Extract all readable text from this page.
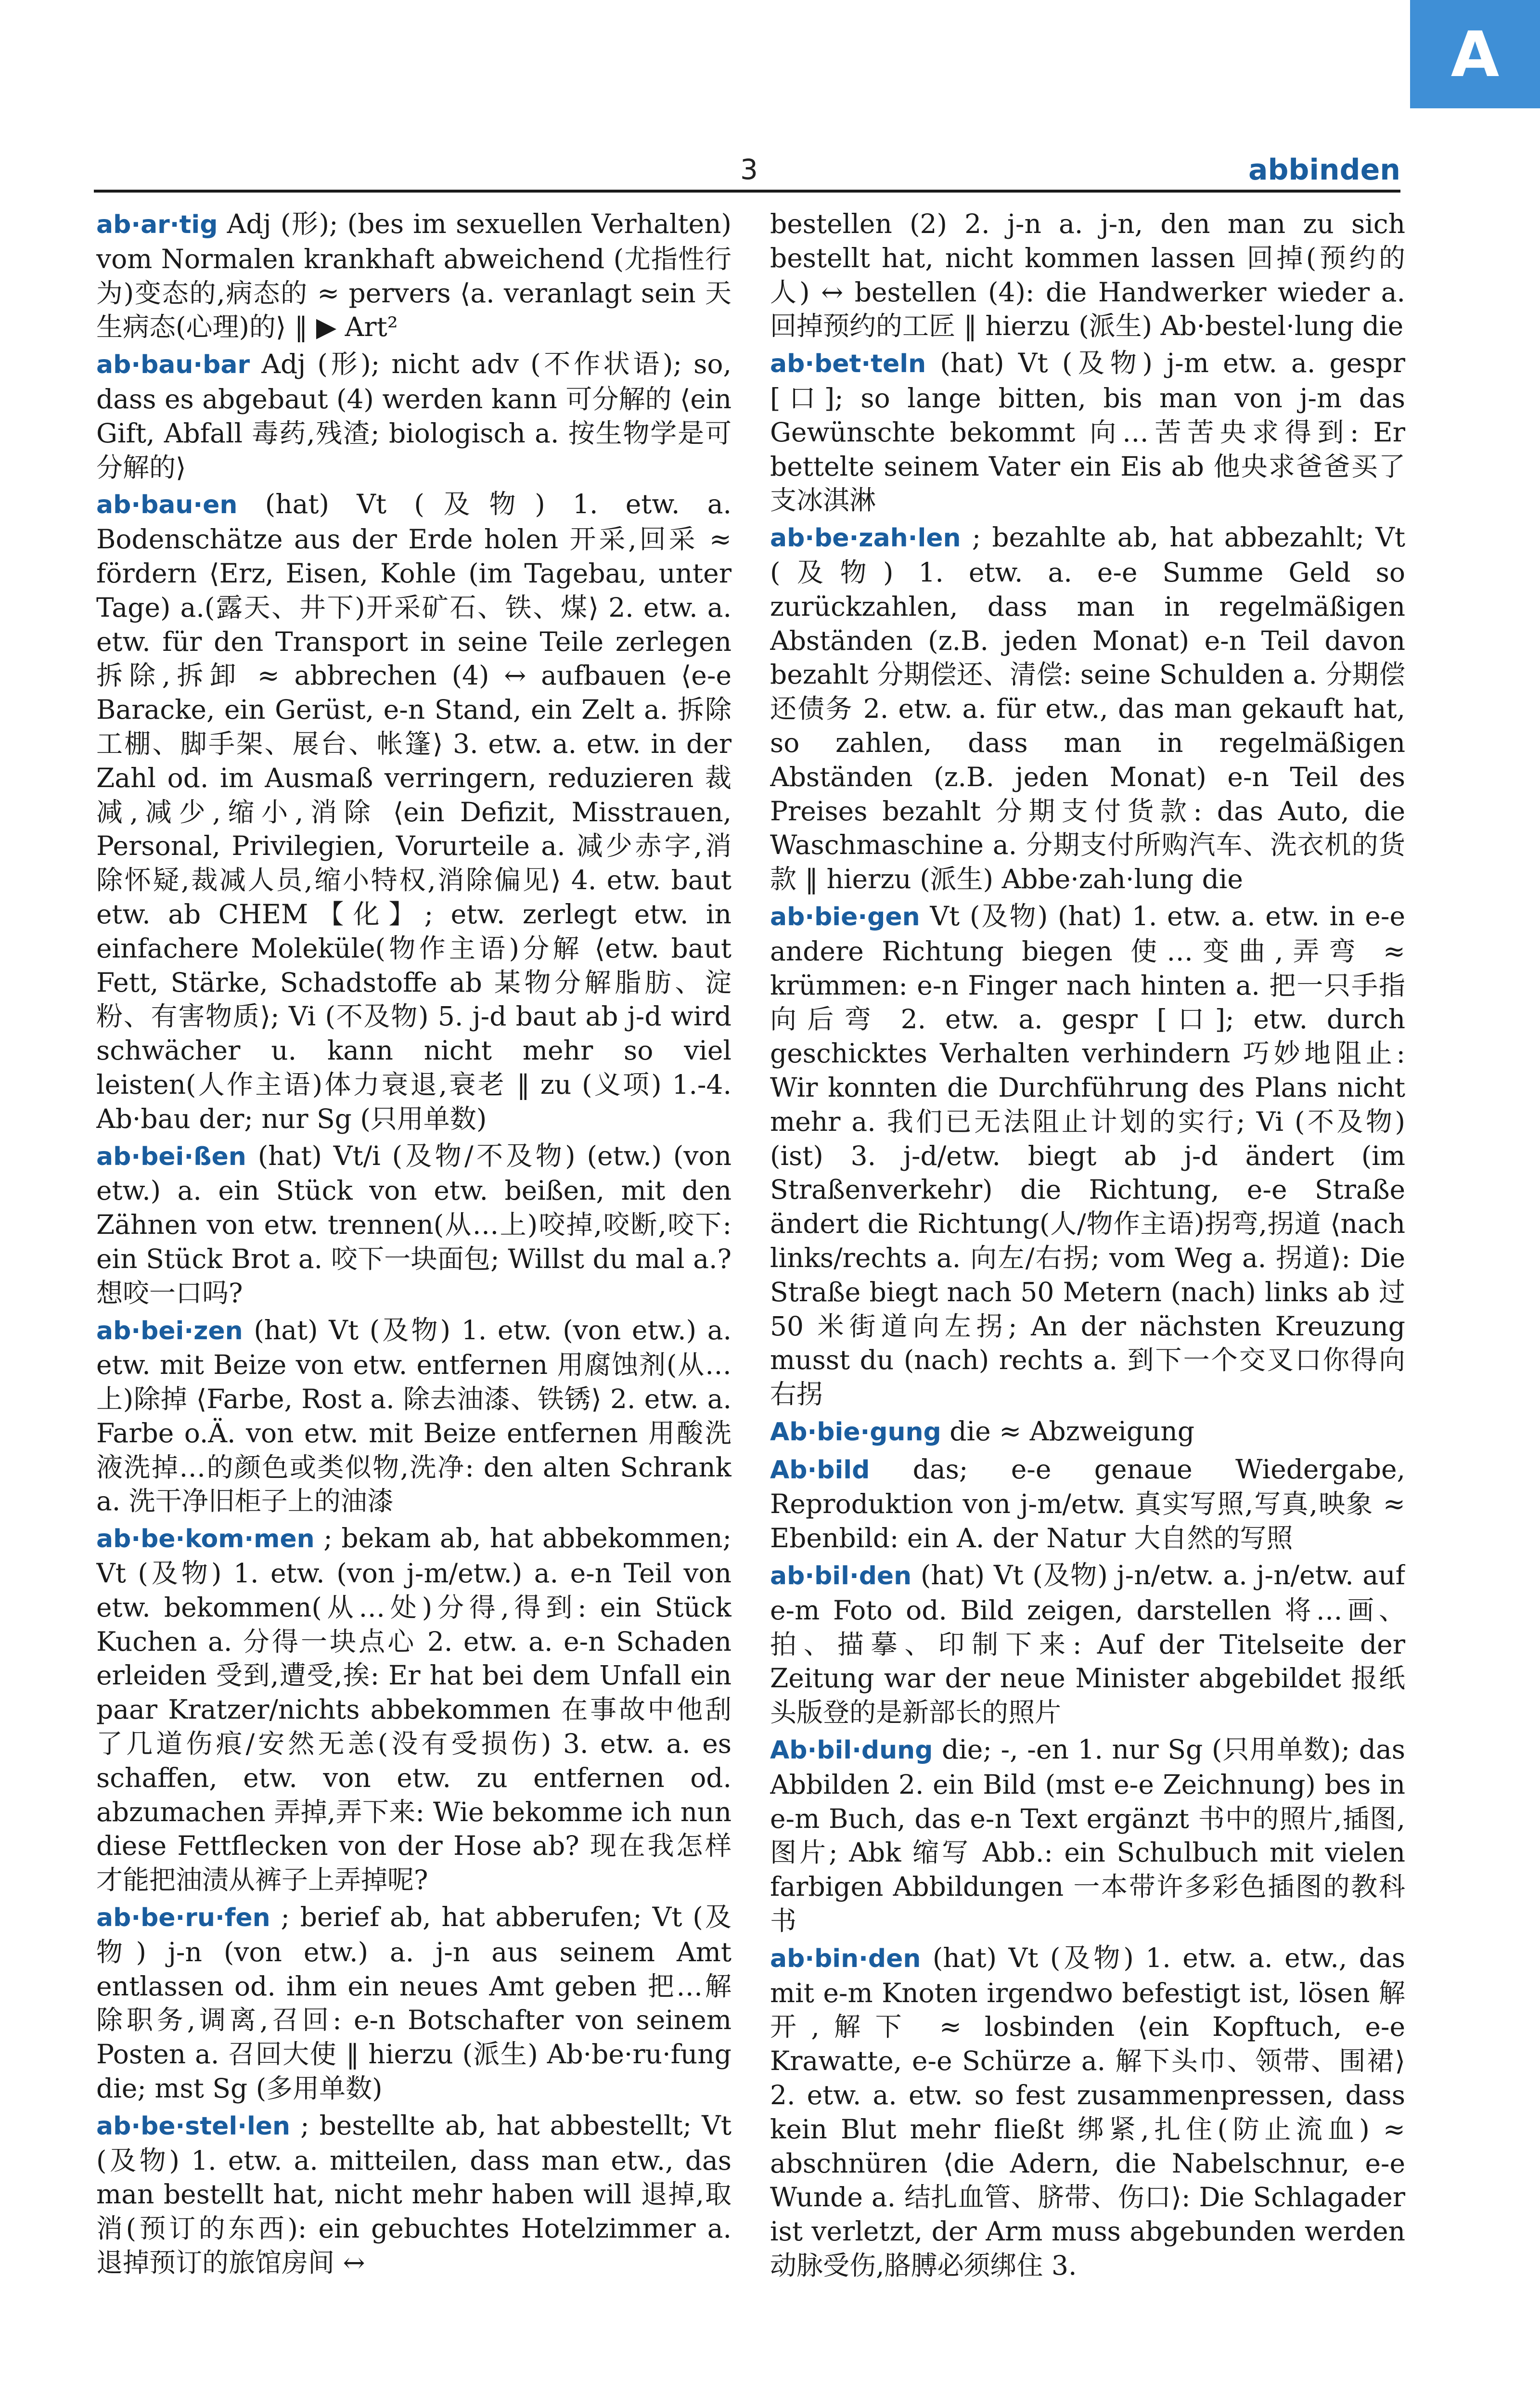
A
3	abbinden
ab·ar·tig Adj (形); (bes im sexuellen Verhalten) vom Normalen krankhaft abweichend (尤指性行为)变态的,病态的 ≈ pervers ⟨a. veranlagt sein 天生病态(心理)的⟩ ‖ ▶ Art²
ab·bau·bar Adj (形); nicht adv (不作状语); so, dass es abgebaut (4) werden kann 可分解的 ⟨ein Gift, Abfall 毒药,残渣; biologisch a. 按生物学是可分解的⟩
ab·bau·en (hat) Vt (及物) 1. etw. a. Bodenschätze aus der Erde holen 开采,回采 ≈ fördern ⟨Erz, Eisen, Kohle (im Tagebau, unter Tage) a.(露天、井下)开采矿石、铁、煤⟩ 2. etw. a. etw. für den Transport in seine Teile zerlegen 拆除,拆卸 ≈ abbrechen (4) ↔ aufbauen ⟨e-e Baracke, ein Gerüst, e-n Stand, ein Zelt a. 拆除工棚、脚手架、展台、帐篷⟩ 3. etw. a. etw. in der Zahl od. im Ausmaß verringern, reduzieren 裁减,减少,缩小,消除 ⟨ein Defizit, Misstrauen, Personal, Privilegien, Vorurteile a. 减少赤字,消除怀疑,裁减人员,缩小特权,消除偏见⟩ 4. etw. baut etw. ab CHEM【化】; etw. zerlegt etw. in einfachere Moleküle(物作主语)分解 ⟨etw. baut Fett, Stärke, Schadstoffe ab 某物分解脂肪、淀粉、有害物质⟩; Vi (不及物) 5. j-d baut ab j-d wird schwächer u. kann nicht mehr so viel leisten(人作主语)体力衰退,衰老 ‖ zu (义项) 1.-4. Ab·bau der; nur Sg (只用单数)
ab·bei·ßen (hat) Vt/i (及物/不及物) (etw.) (von etw.) a. ein Stück von etw. beißen, mit den Zähnen von etw. trennen(从…上)咬掉,咬断,咬下: ein Stück Brot a. 咬下一块面包; Willst du mal a.? 想咬一口吗?
ab·bei·zen (hat) Vt (及物) 1. etw. (von etw.) a. etw. mit Beize von etw. entfernen 用腐蚀剂(从…上)除掉 ⟨Farbe, Rost a. 除去油漆、铁锈⟩ 2. etw. a. Farbe o.Ä. von etw. mit Beize entfernen 用酸洗液洗掉…的颜色或类似物,洗净: den alten Schrank a. 洗干净旧柜子上的油漆
ab·be·kom·men ; bekam ab, hat abbekommen; Vt (及物) 1. etw. (von j-m/etw.) a. e-n Teil von etw. bekommen(从…处)分得,得到: ein Stück Kuchen a. 分得一块点心 2. etw. a. e-n Schaden erleiden 受到,遭受,挨: Er hat bei dem Unfall ein paar Kratzer/nichts abbekommen 在事故中他刮了几道伤痕/安然无恙(没有受损伤) 3. etw. a. es schaffen, etw. von etw. zu entfernen od. abzumachen 弄掉,弄下来: Wie bekomme ich nun diese Fettflecken von der Hose ab? 现在我怎样才能把油渍从裤子上弄掉呢?
ab·be·ru·fen ; berief ab, hat abberufen; Vt (及物) j-n (von etw.) a. j-n aus seinem Amt entlassen od. ihm ein neues Amt geben 把…解除职务,调离,召回: e-n Botschafter von seinem Posten a. 召回大使 ‖ hierzu (派生) Ab·be·ru·fung die; mst Sg (多用单数)
ab·be·stel·len ; bestellte ab, hat abbestellt; Vt (及物) 1. etw. a. mitteilen, dass man etw., das man bestellt hat, nicht mehr haben will 退掉,取消(预订的东西): ein gebuchtes Hotelzimmer a. 退掉预订的旅馆房间 ↔
bestellen (2) 2. j-n a. j-n, den man zu sich bestellt hat, nicht kommen lassen 回掉(预约的人) ↔ bestellen (4): die Handwerker wieder a. 回掉预约的工匠 ‖ hierzu (派生) Ab·bestel·lung die
ab·bet·teln (hat) Vt (及物) j-m etw. a. gespr [口]; so lange bitten, bis man von j-m das Gewünschte bekommt 向…苦苦央求得到: Er bettelte seinem Vater ein Eis ab 他央求爸爸买了支冰淇淋
ab·be·zah·len ; bezahlte ab, hat abbezahlt; Vt (及物) 1. etw. a. e-e Summe Geld so zurückzahlen, dass man in regelmäßigen Abständen (z.B. jeden Monat) e-n Teil davon bezahlt 分期偿还、清偿: seine Schulden a. 分期偿还债务 2. etw. a. für etw., das man gekauft hat, so zahlen, dass man in regelmäßigen Abständen (z.B. jeden Monat) e-n Teil des Preises bezahlt 分期支付货款: das Auto, die Waschmaschine a. 分期支付所购汽车、洗衣机的货款 ‖ hierzu (派生) Abbe·zah·lung die
ab·bie·gen Vt (及物) (hat) 1. etw. a. etw. in e-e andere Richtung biegen 使…变曲,弄弯 ≈ krümmen: e-n Finger nach hinten a. 把一只手指向后弯 2. etw. a. gespr [口]; etw. durch geschicktes Verhalten verhindern 巧妙地阻止: Wir konnten die Durchführung des Plans nicht mehr a. 我们已无法阻止计划的实行; Vi (不及物) (ist) 3. j-d/etw. biegt ab j-d ändert (im Straßenverkehr) die Richtung, e-e Straße ändert die Richtung(人/物作主语)拐弯,拐道 ⟨nach links/rechts a. 向左/右拐; vom Weg a. 拐道⟩: Die Straße biegt nach 50 Metern (nach) links ab 过 50 米街道向左拐; An der nächsten Kreuzung musst du (nach) rechts a. 到下一个交叉口你得向右拐
Ab·bie·gung die ≈ Abzweigung
Ab·bild das; e-e genaue Wiedergabe, Reproduktion von j-m/etw. 真实写照,写真,映象 ≈ Ebenbild: ein A. der Natur 大自然的写照
ab·bil·den (hat) Vt (及物) j-n/etw. a. j-n/etw. auf e-m Foto od. Bild zeigen, darstellen 将…画、拍、描摹、印制下来: Auf der Titelseite der Zeitung war der neue Minister abgebildet 报纸头版登的是新部长的照片
Ab·bil·dung die; -, -en 1. nur Sg (只用单数); das Abbilden 2. ein Bild (mst e-e Zeichnung) bes in e-m Buch, das e-n Text ergänzt 书中的照片,插图,图片; Abk 缩写 Abb.: ein Schulbuch mit vielen farbigen Abbildungen 一本带许多彩色插图的教科书
ab·bin·den (hat) Vt (及物) 1. etw. a. etw., das mit e-m Knoten irgendwo befestigt ist, lösen 解开,解下 ≈ losbinden ⟨ein Kopftuch, e-e Krawatte, e-e Schürze a. 解下头巾、领带、围裙⟩ 2. etw. a. etw. so fest zusammenpressen, dass kein Blut mehr fließt 绑紧,扎住(防止流血) ≈ abschnüren ⟨die Adern, die Nabelschnur, e-e Wunde a. 结扎血管、脐带、伤口⟩: Die Schlagader ist verletzt, der Arm muss abgebunden werden 动脉受伤,胳膊必须绑住 3.
